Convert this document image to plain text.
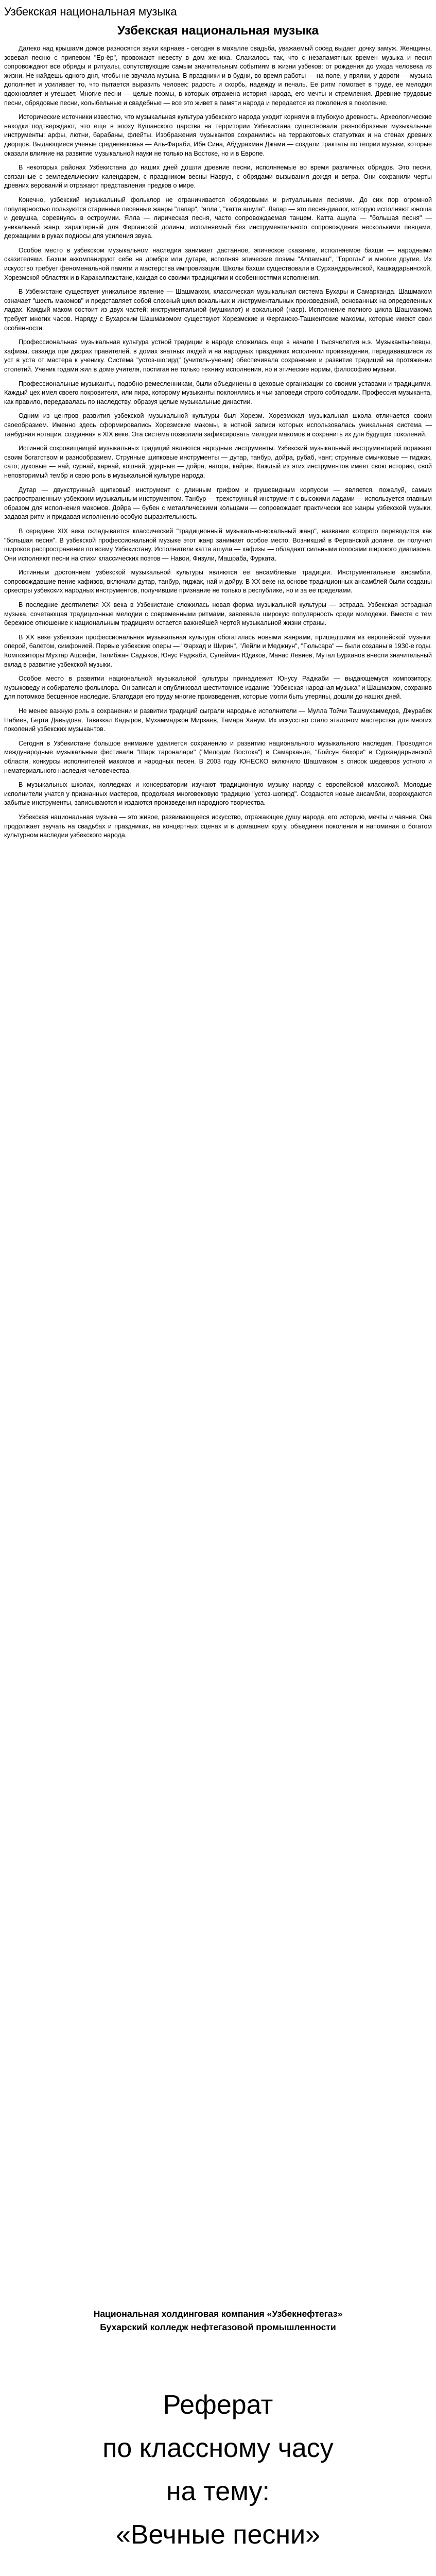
Узбекская национальная музыка
Узбекская национальная музыка

Далеко над крышами домов разносятся звуки карнаев - сегодня в махалле свадьба, уважаемый сосед выдает дочку замуж. Женщины, зовевая песню с припевом "Ёр-ёр", провожают невесту в дом жениха. Слажалось так, что с незапамятных времен музыка и песня сопровождают все обряды и ритуалы, сопутствующие самым значительным событиям в жизни узбеков: от рождения до ухода человека из жизни. Не найдешь одного дня, чтобы не звучала музыка. В праздники и в будни, во время работы — на поле, у прялки, у дороги — музыка дополняет и усиливает то, что пытается выразить человек: радость и скорбь, надежду и печаль. Ее ритм помогает в труде, ее мелодия вдохновляет и утешает. Многие песни — целые поэмы, в которых отражена история народа, его мечты и стремления. Древние трудовые песни, обрядовые песни, колыбельные и свадебные — все это живет в памяти народа и передается из поколения в поколение.

Исторические источники известно, что музыкальная культура узбекского народа уходит корнями в глубокую древность. Археологические находки подтверждают, что еще в эпоху Кушанского царства на территории Узбекистана существовали разнообразные музыкальные инструменты: арфы, лютни, барабаны, флейты. Изображения музыкантов сохранились на терракотовых статуэтках и на стенах древних дворцов. Выдающиеся ученые средневековья — Аль-Фараби, Ибн Сина, Абдурахман Джами — создали трактаты по теории музыки, которые оказали влияние на развитие музыкальной науки не только на Востоке, но и в Европе.

В некоторых районах Узбекистана до наших дней дошли древние песни, исполняемые во время различных обрядов. Это песни, связанные с земледельческим календарем, с праздником весны Навруз, с обрядами вызывания дождя и ветра. Они сохранили черты древних верований и отражают представления предков о мире.

Конечно, узбекский музыкальный фольклор не ограничивается обрядовыми и ритуальными песнями. До сих пор огромной популярностью пользуются старинные песенные жанры "лапар", "ялла", "катта ашула". Лапар — это песня-диалог, которую исполняют юноша и девушка, соревнуясь в остроумии. Ялла — лирическая песня, часто сопровождаемая танцем. Катта ашула — "большая песня" — уникальный жанр, характерный для Ферганской долины, исполняемый без инструментального сопровождения несколькими певцами, держащими в руках подносы для усиления звука.

Особое место в узбекском музыкальном наследии занимает дастанное, эпическое сказание, исполняемое бахши — народными сказителями. Бахши аккомпанируют себе на домбре или дутаре, исполняя эпические поэмы "Алпамыш", "Гороглы" и многие другие. Их искусство требует феноменальной памяти и мастерства импровизации. Школы бахши существовали в Сурхандарьинской, Кашкадарьинской, Хорезмской областях и в Каракалпакстане, каждая со своими традициями и особенностями исполнения.

В Узбекистане существует уникальное явление — Шашмаком, классическая музыкальная система Бухары и Самарканда. Шашмаком означает "шесть макомов" и представляет собой сложный цикл вокальных и инструментальных произведений, основанных на определенных ладах. Каждый маком состоит из двух частей: инструментальной (мушкилот) и вокальной (наср). Исполнение полного цикла Шашмакома требует многих часов. Наряду с Бухарским Шашмакомом существуют Хорезмские и Ферганско-Ташкентские макомы, которые имеют свои особенности.

Профессиональная музыкальная культура устной традиции в народе сложилась еще в начале I тысячелетия н.э. Музыканты-певцы, хафизы, сазанда при дворах правителей, в домах знатных людей и на народных праздниках исполняли произведения, передававшиеся из уст в уста от мастера к ученику. Система "устоз-шогирд" (учитель-ученик) обеспечивала сохранение и развитие традиций на протяжении столетий. Ученик годами жил в доме учителя, постигая не только технику исполнения, но и этические нормы, философию музыки.

Профессиональные музыканты, подобно ремесленникам, были объединены в цеховые организации со своими уставами и традициями. Каждый цех имел своего покровителя, или пира, которому музыканты поклонялись и чьи заповеди строго соблюдали. Профессия музыканта, как правило, передавалась по наследству, образуя целые музыкальные династии.

Одним из центров развития узбекской музыкальной культуры был Хорезм. Хорезмская музыкальная школа отличается своим своеобразием. Именно здесь сформировались Хорезмские макомы, в нотной записи которых использовалась уникальная система — танбурная нотация, созданная в XIX веке. Эта система позволила зафиксировать мелодии макомов и сохранить их для будущих поколений.

Истинной сокровищницей музыкальных традиций являются народные инструменты. Узбекский музыкальный инструментарий поражает своим богатством и разнообразием. Струнные щипковые инструменты — дутар, танбур, дойра, рубаб, чанг; струнные смычковые — гиджак, сато; духовые — най, сурнай, карнай, кошнай; ударные — дойра, нагора, кайрак. Каждый из этих инструментов имеет свою историю, свой неповторимый тембр и свою роль в музыкальной культуре народа.

Дутар — двухструнный щипковый инструмент с длинным грифом и грушевидным корпусом — является, пожалуй, самым распространенным узбекским музыкальным инструментом. Танбур — трехструнный инструмент с высокими ладами — используется главным образом для исполнения макомов. Дойра — бубен с металлическими кольцами — сопровождает практически все жанры узбекской музыки, задавая ритм и придавая исполнению особую выразительность.

В середине XIX века складывается классический "традиционный музыкально-вокальный жанр", название которого переводится как "большая песня". В узбекской профессиональной музыке этот жанр занимает особое место. Возникший в Ферганской долине, он получил широкое распространение по всему Узбекистану. Исполнители катта ашула — хафизы — обладают сильными голосами широкого диапазона. Они исполняют песни на стихи классических поэтов — Навои, Физули, Машраба, Фурката.

Истинным достоянием узбекской музыкальной культуры являются ее ансамблевые традиции. Инструментальные ансамбли, сопровождавшие пение хафизов, включали дутар, танбур, гиджак, най и дойру. В XX веке на основе традиционных ансамблей были созданы оркестры узбекских народных инструментов, получившие признание не только в республике, но и за ее пределами.

В последние десятилетия XX века в Узбекистане сложилась новая форма музыкальной культуры — эстрада. Узбекская эстрадная музыка, сочетающая традиционные мелодии с современными ритмами, завоевала широкую популярность среди молодежи. Вместе с тем бережное отношение к национальным традициям остается важнейшей чертой музыкальной жизни страны.

В XX веке узбекская профессиональная музыкальная культура обогатилась новыми жанрами, пришедшими из европейской музыки: оперой, балетом, симфонией. Первые узбекские оперы — "Фархад и Ширин", "Лейли и Меджнун", "Гюльсара" — были созданы в 1930-е годы. Композиторы Мухтар Ашрафи, Талибжан Садыков, Юнус Раджаби, Сулейман Юдаков, Манас Левиев, Мутал Бурханов внесли значительный вклад в развитие узбекской музыки.

Особое место в развитии национальной музыкальной культуры принадлежит Юнусу Раджаби — выдающемуся композитору, музыковеду и собирателю фольклора. Он записал и опубликовал шеститомное издание "Узбекская народная музыка" и Шашмаком, сохранив для потомков бесценное наследие. Благодаря его труду многие произведения, которые могли быть утеряны, дошли до наших дней.

Не менее важную роль в сохранении и развитии традиций сыграли народные исполнители — Мулла Тойчи Ташмухаммедов, Джурабек Набиев, Берта Давыдова, Таваккал Кадыров, Мухаммаджон Мирзаев, Тамара Ханум. Их искусство стало эталоном мастерства для многих поколений узбекских музыкантов.

Сегодня в Узбекистане большое внимание уделяется сохранению и развитию национального музыкального наследия. Проводятся международные музыкальные фестивали "Шарк тароналари" ("Мелодии Востока") в Самарканде, "Бойсун бахори" в Сурхандарьинской области, конкурсы исполнителей макомов и народных песен. В 2003 году ЮНЕСКО включило Шашмаком в список шедевров устного и нематериального наследия человечества.

В музыкальных школах, колледжах и консерватории изучают традиционную музыку наряду с европейской классикой. Молодые исполнители учатся у признанных мастеров, продолжая многовековую традицию "устоз-шогирд". Создаются новые ансамбли, возрождаются забытые инструменты, записываются и издаются произведения народного творчества.

Узбекская национальная музыка — это живое, развивающееся искусство, отражающее душу народа, его историю, мечты и чаяния. Она продолжает звучать на свадьбах и праздниках, на концертных сценах и в домашнем кругу, объединяя поколения и напоминая о богатом культурном наследии узбекского народа.

Национальная холдинговая компания «Узбекнефтегаз»

Бухарский колледж нефтегазовой промышленности

Реферат

по классному часу

на тему:

«Вечные песни»
